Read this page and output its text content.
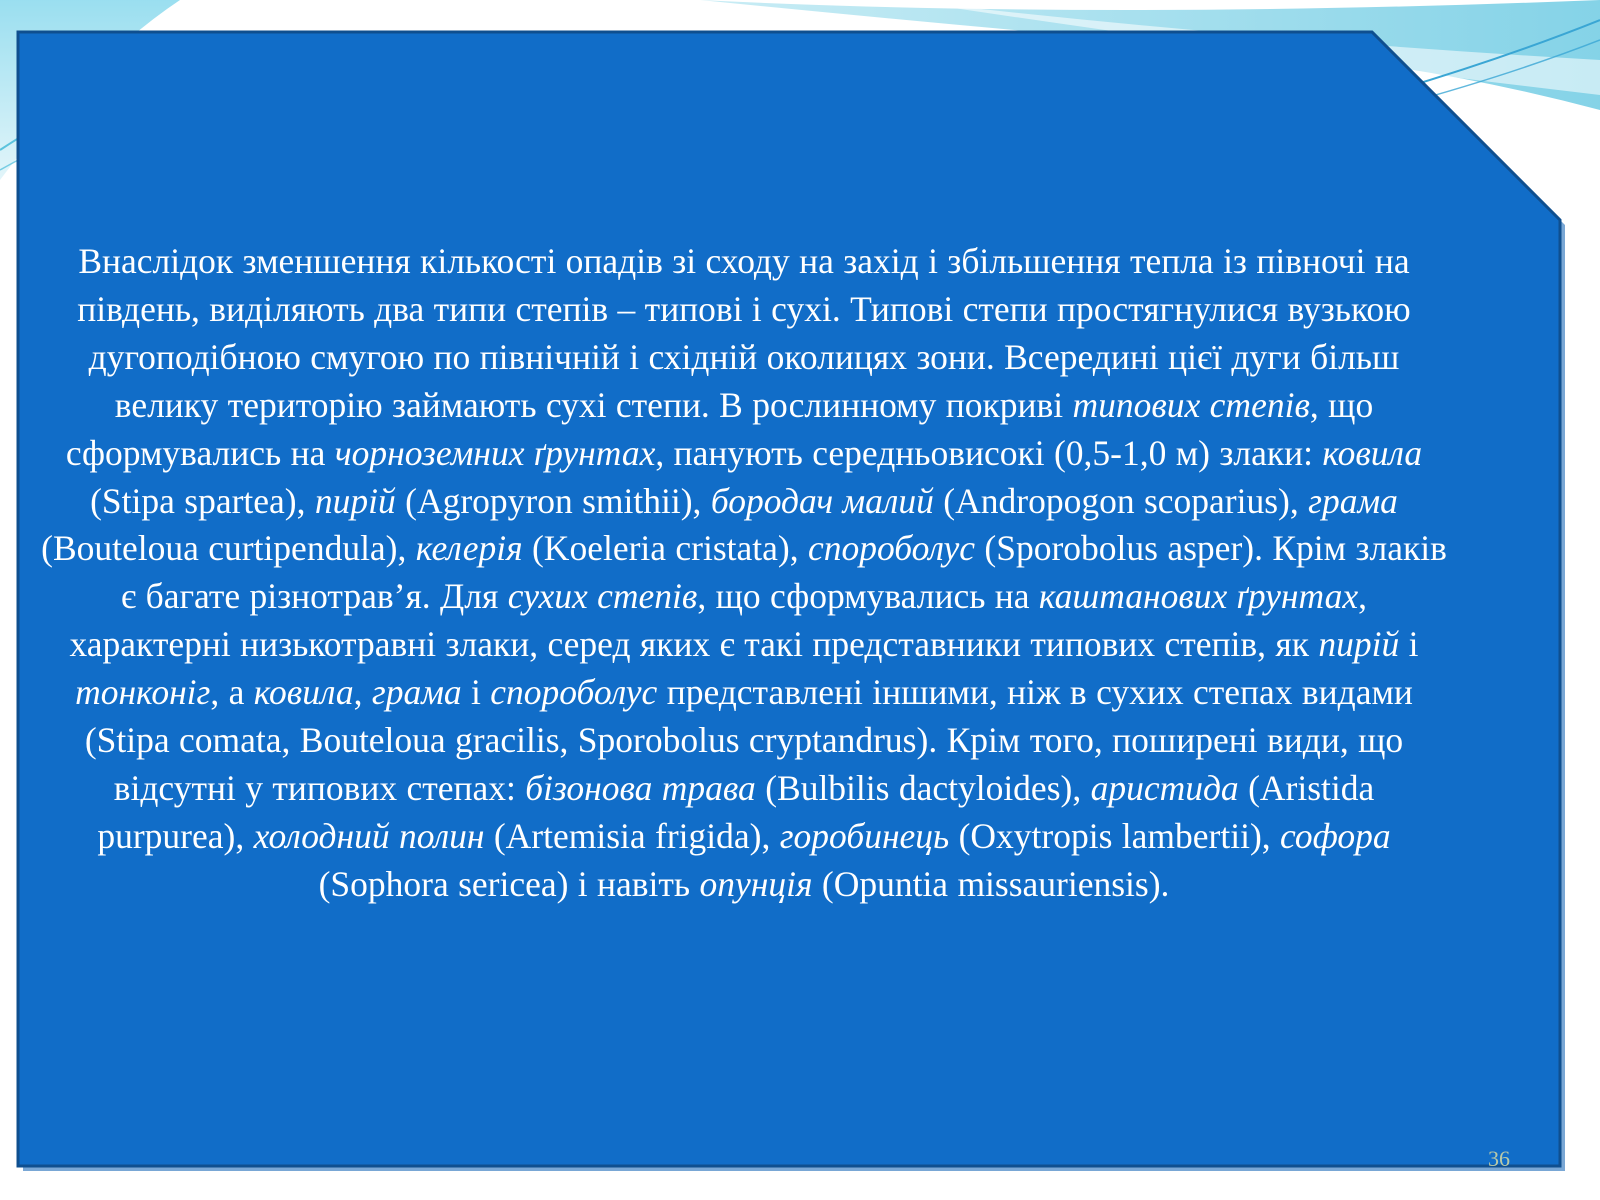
Внаслідок зменшення кількості опадів зі сходу на захід і збільшення тепла із півночі на південь, виділяють два типи степів – типові і сухі. Типові степи простягнулися вузькою дугоподібною смугою по північній і східній околицях зони. Всередині цієї дуги більш велику територію займають сухі степи. В рослинному покриві типових степів, що сформувались на чорноземних ґрунтах, панують середньовисокі (0,5-1,0 м) злаки: ковила (Stipa spartea), пирій (Agropyron smithii), бородач малий (Andropogon scoparius), грама (Bouteloua curtipendula), келерія (Koeleria cristata), спороболус (Sporobolus asper). Крім злаків є багате різнотрав’я. Для сухих степів, що сформувались на каштанових ґрунтах, характерні низькотравні злаки, серед яких є такі представники типових степів, як пирій і тонконіг, а ковила, грама і спороболус представлені іншими, ніж в сухих степах видами (Stipa comata, Bouteloua gracilis, Sporobolus cryptandrus). Крім того, поширені види, що відсутні у типових степах: бізонова трава (Bulbilis dactyloides), аристида (Aristida purpurea), холодний полин (Artemisia frigida), горобинець (Oxytropis lambertii), софора (Sophora sericea) і навіть опунція (Opuntia missauriensis).

36
